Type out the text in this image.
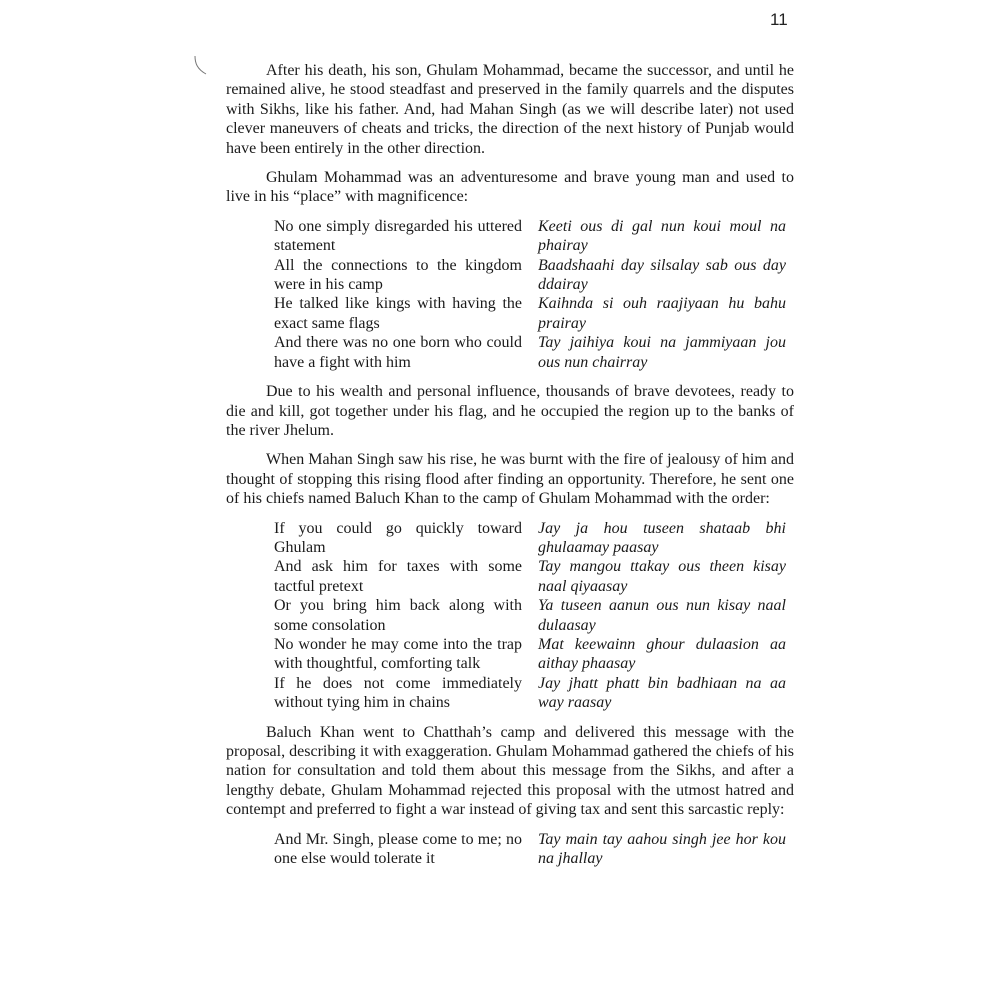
11

After his death, his son, Ghulam Mohammad, became the successor, and until he remained alive, he stood steadfast and preserved in the family quarrels and the disputes with Sikhs, like his father. And, had Mahan Singh (as we will describe later) not used clever maneuvers of cheats and tricks, the direction of the next history of Punjab would have been entirely in the other direction.

Ghulam Mohammad was an adventuresome and brave young man and used to live in his “place” with magnificence:

No one simply disregarded his uttered statement
Keeti ous di gal nun koui moul na phairay
All the connections to the kingdom were in his camp
Baadshaahi day silsalay sab ous day ddairay
He talked like kings with having the exact same flags
Kaihnda si ouh raajiyaan hu bahu prairay
And there was no one born who could have a fight with him
Tay jaihiya koui na jammiyaan jou ous nun chairray

Due to his wealth and personal influence, thousands of brave devotees, ready to die and kill, got together under his flag, and he occupied the region up to the banks of the river Jhelum.

When Mahan Singh saw his rise, he was burnt with the fire of jealousy of him and thought of stopping this rising flood after finding an opportunity. Therefore, he sent one of his chiefs named Baluch Khan to the camp of Ghulam Mohammad with the order:

If you could go quickly toward Ghulam
Jay ja hou tuseen shataab bhi ghulaamay paasay
And ask him for taxes with some tactful pretext
Tay mangou ttakay ous theen kisay naal qiyaasay
Or you bring him back along with some consolation
Ya tuseen aanun ous nun kisay naal dulaasay
No wonder he may come into the trap with thoughtful, comforting talk
Mat keewainn ghour dulaasion aa aithay phaasay
If he does not come immediately without tying him in chains
Jay jhatt phatt bin badhiaan na aa way raasay

Baluch Khan went to Chatthah’s camp and delivered this message with the proposal, describing it with exaggeration. Ghulam Mohammad gathered the chiefs of his nation for consultation and told them about this message from the Sikhs, and after a lengthy debate, Ghulam Mohammad rejected this proposal with the utmost hatred and contempt and preferred to fight a war instead of giving tax and sent this sarcastic reply:

And Mr. Singh, please come to me; no one else would tolerate it
Tay main tay aahou singh jee hor kou na jhallay
